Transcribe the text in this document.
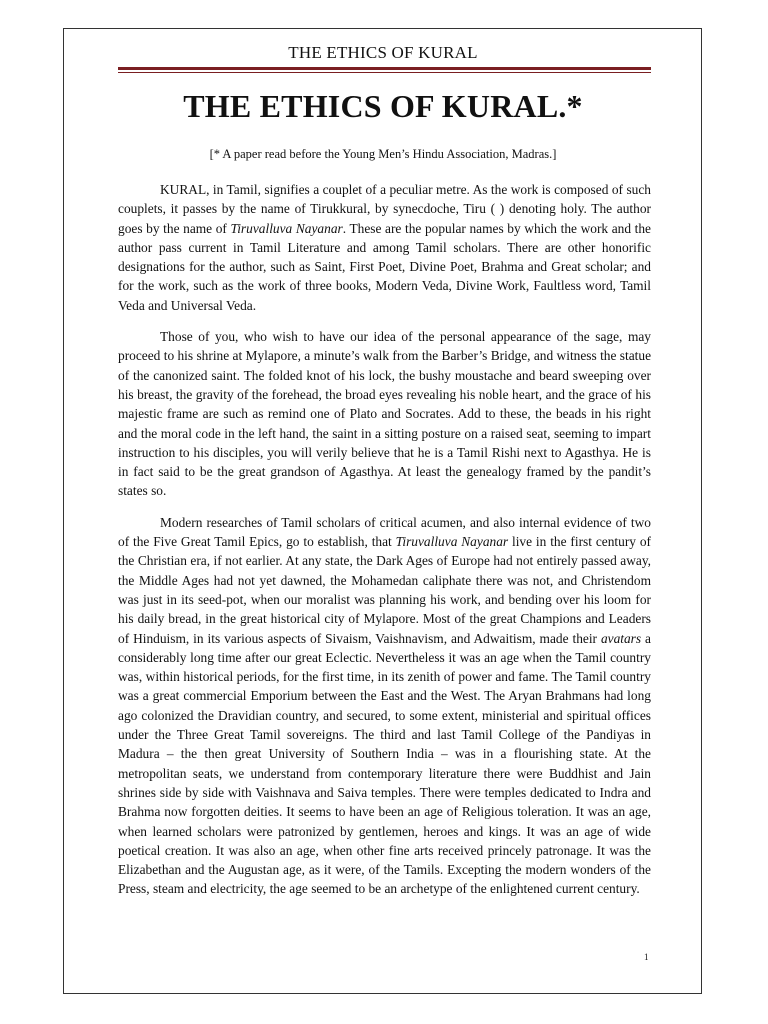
THE ETHICS OF KURAL
THE ETHICS OF KURAL.*
[* A paper read before the Young Men’s Hindu Association, Madras.]

KURAL, in Tamil, signifies a couplet of a peculiar metre. As the work is composed of such couplets, it passes by the name of Tirukkural, by synecdoche, Tiru ( ) denoting holy. The author goes by the name of Tiruvalluva Nayanar. These are the popular names by which the work and the author pass current in Tamil Literature and among Tamil scholars. There are other honorific designations for the author, such as Saint, First Poet, Divine Poet, Brahma and Great scholar; and for the work, such as the work of three books, Modern Veda, Divine Work, Faultless word, Tamil Veda and Universal Veda.

Those of you, who wish to have our idea of the personal appearance of the sage, may proceed to his shrine at Mylapore, a minute’s walk from the Barber’s Bridge, and witness the statue of the canonized saint. The folded knot of his lock, the bushy moustache and beard sweeping over his breast, the gravity of the forehead, the broad eyes revealing his noble heart, and the grace of his majestic frame are such as remind one of Plato and Socrates. Add to these, the beads in his right and the moral code in the left hand, the saint in a sitting posture on a raised seat, seeming to impart instruction to his disciples, you will verily believe that he is a Tamil Rishi next to Agasthya. He is in fact said to be the great grandson of Agasthya. At least the genealogy framed by the pandit’s states so.

Modern researches of Tamil scholars of critical acumen, and also internal evidence of two of the Five Great Tamil Epics, go to establish, that Tiruvalluva Nayanar live in the first century of the Christian era, if not earlier. At any state, the Dark Ages of Europe had not entirely passed away, the Middle Ages had not yet dawned, the Mohamedan caliphate there was not, and Christendom was just in its seed-pot, when our moralist was planning his work, and bending over his loom for his daily bread, in the great historical city of Mylapore. Most of the great Champions and Leaders of Hinduism, in its various aspects of Sivaism, Vaishnavism, and Adwaitism, made their avatars a considerably long time after our great Eclectic. Nevertheless it was an age when the Tamil country was, within historical periods, for the first time, in its zenith of power and fame. The Tamil country was a great commercial Emporium between the East and the West. The Aryan Brahmans had long ago colonized the Dravidian country, and secured, to some extent, ministerial and spiritual offices under the Three Great Tamil sovereigns. The third and last Tamil College of the Pandiyas in Madura – the then great University of Southern India – was in a flourishing state. At the metropolitan seats, we understand from contemporary literature there were Buddhist and Jain shrines side by side with Vaishnava and Saiva temples. There were temples dedicated to Indra and Brahma now forgotten deities. It seems to have been an age of Religious toleration. It was an age, when learned scholars were patronized by gentlemen, heroes and kings. It was an age of wide poetical creation. It was also an age, when other fine arts received princely patronage. It was the Elizabethan and the Augustan age, as it were, of the Tamils. Excepting the modern wonders of the Press, steam and electricity, the age seemed to be an archetype of the enlightened current century.

1
